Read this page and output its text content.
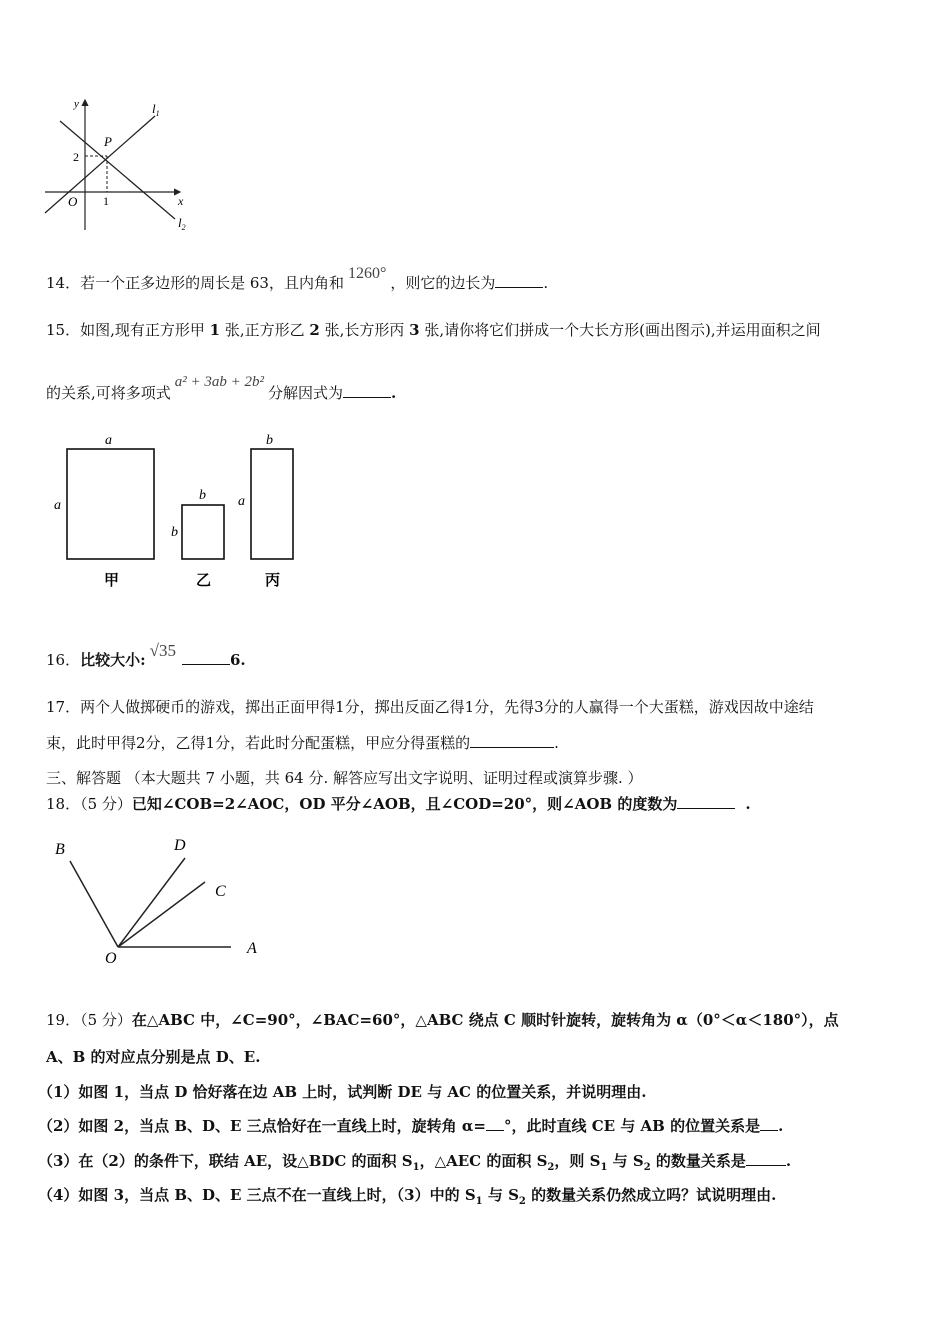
y
x
O
P
2
1
$l_1$
$l_2$
14．若一个正多边形的周长是 63，且内角和1260°，则它的边长为	.
15．如图,现有正方形甲 1 张,正方形乙 2 张,长方形丙 3 张,请你将它们拼成一个大长方形(画出图示),并运用面积之间
的关系,可将多项式a² + 3ab + 2b²分解因式为	.
a
a
b
b
b
a
甲	乙	丙
16．比较大小: √35	6.
17．两个人做掷硬币的游戏，掷出正面甲得1分，掷出反面乙得1分，先得3分的人赢得一个大蛋糕，游戏因故中途结
束，此时甲得2分，乙得1分，若此时分配蛋糕，甲应分得蛋糕的	.
三、解答题 （本大题共 7 小题，共 64 分. 解答应写出文字说明、证明过程或演算步骤. ）
18．（5 分）已知∠COB=2∠AOC，OD 平分∠AOB，且∠COD=20°，则∠AOB 的度数为	.
B	D
C
O
A
19．（5 分）在△ABC 中，∠C=90°，∠BAC=60°，△ABC 绕点 C 顺时针旋转，旋转角为 α（0°＜α＜180°），点
A、B 的对应点分别是点 D、E.
（1）如图 1，当点 D 恰好落在边 AB 上时，试判断 DE 与 AC 的位置关系，并说明理由.
（2）如图 2，当点 B、D、E 三点恰好在一直线上时，旋转角 α= °，此时直线 CE 与 AB 的位置关系是 .
（3）在（2）的条件下，联结 AE，设△BDC 的面积 $S_1$，△AEC 的面积 $S_2$，则 $S_1$ 与 $S_2$ 的数量关系是	.
（4）如图 3，当点 B、D、E 三点不在一直线上时，（3）中的 $S_1$ 与 $S_2$ 的数量关系仍然成立吗？试说明理由.
